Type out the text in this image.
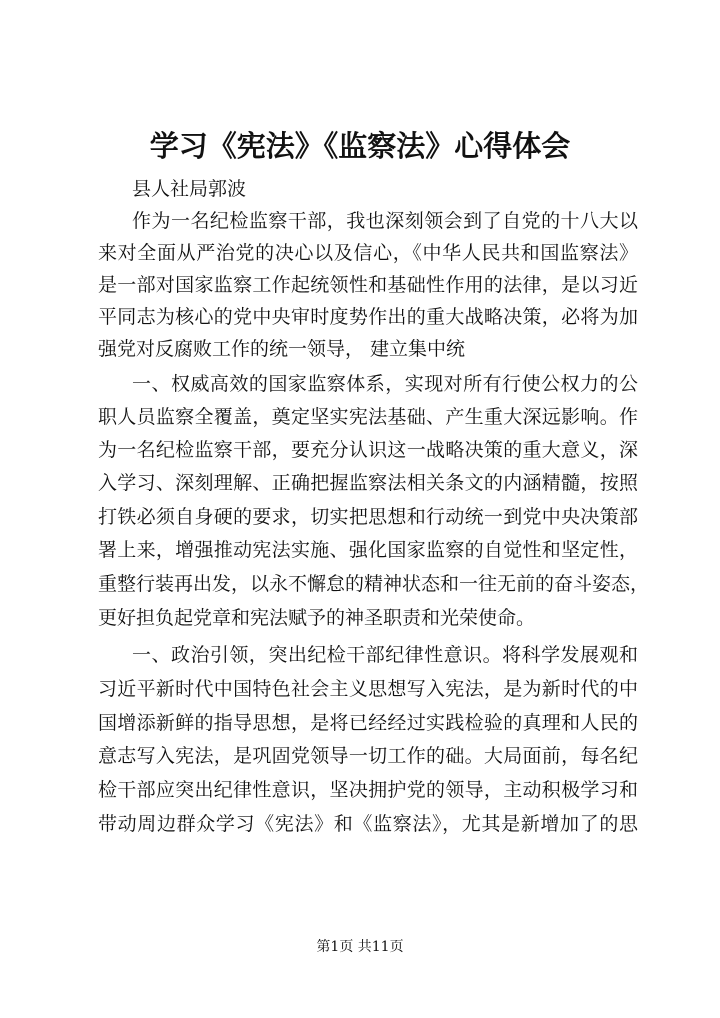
学习《宪法》《监察法》心得体会
县人社局郭波
作为一名纪检监察干部，我也深刻领会到了自党的十八大以
来对全面从严治党的决心以及信心，《中华人民共和国监察法》
是一部对国家监察工作起统领性和基础性作用的法律，是以习近
平同志为核心的党中央审时度势作出的重大战略决策，必将为加
强党对反腐败工作的统一领导， 建立集中统
一、权威高效的国家监察体系，实现对所有行使公权力的公
职人员监察全覆盖，奠定坚实宪法基础、产生重大深远影响。作
为一名纪检监察干部，要充分认识这一战略决策的重大意义，深
入学习、深刻理解、正确把握监察法相关条文的内涵精髓，按照
打铁必须自身硬的要求，切实把思想和行动统一到党中央决策部
署上来，增强推动宪法实施、强化国家监察的自觉性和坚定性，
重整行装再出发，以永不懈怠的精神状态和一往无前的奋斗姿态，
更好担负起党章和宪法赋予的神圣职责和光荣使命。
一、政治引领，突出纪检干部纪律性意识。将科学发展观和
习近平新时代中国特色社会主义思想写入宪法，是为新时代的中
国增添新鲜的指导思想，是将已经经过实践检验的真理和人民的
意志写入宪法，是巩固党领导一切工作的础。大局面前，每名纪
检干部应突出纪律性意识，坚决拥护党的领导，主动积极学习和
带动周边群众学习《宪法》和《监察法》，尤其是新增加了的思
第1页 共11页
